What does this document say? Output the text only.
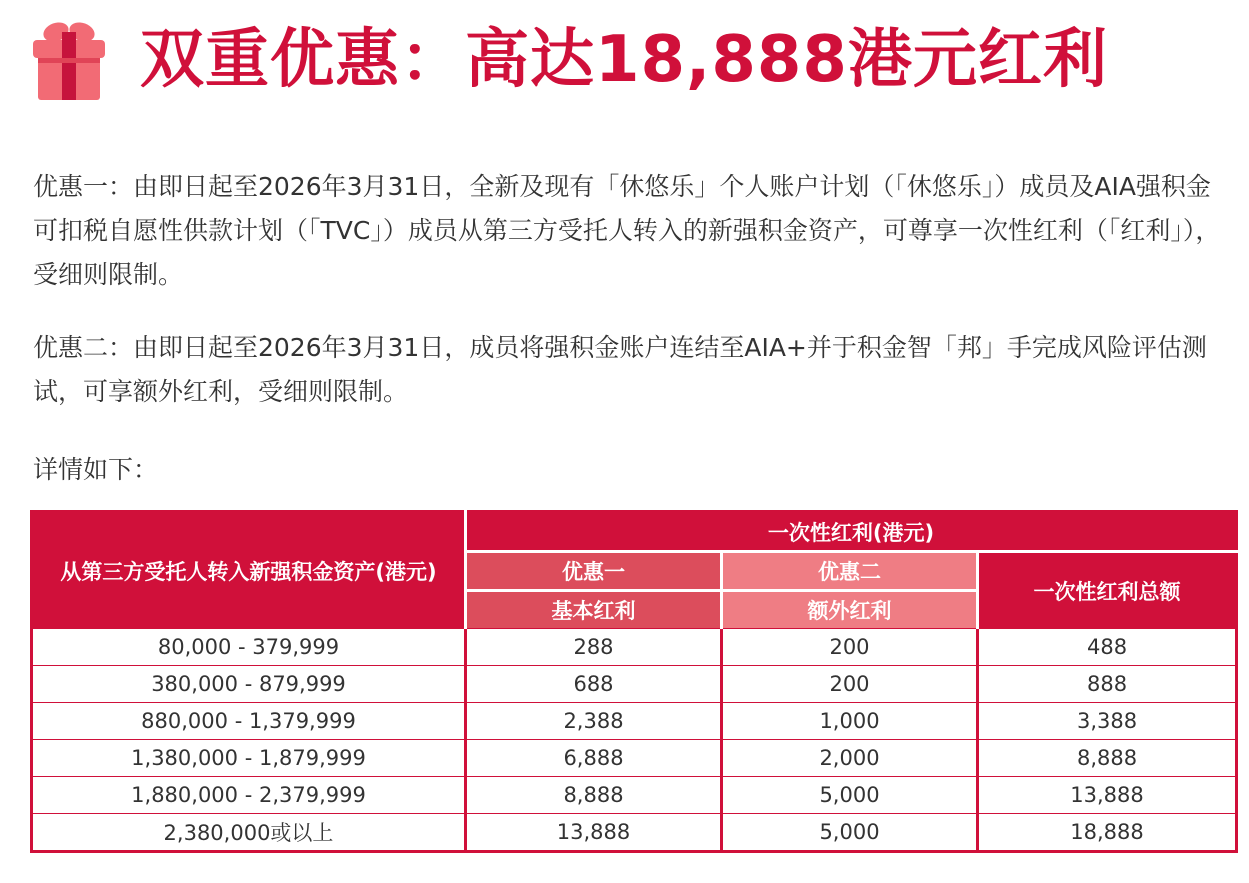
双重优惠：高达18,888港元红利

优惠一：由即日起至2026年3月31日，全新及现有「休悠乐」个人账户计划（「休悠乐」）成员及AIA强积金可扣税自愿性供款计划（「TVC」）成员从第三方受托人转入的新强积金资产，可尊享一次性红利（「红利」），受细则限制。

优惠二：由即日起至2026年3月31日，成员将强积金账户连结至AIA+并于积金智「邦」手完成风险评估测试，可享额外红利，受细则限制。

详情如下：

从第三方受托人转入新强积金资产(港元)	一次性红利(港元)		
	优惠一	优惠二	一次性红利总额
	基本红利	额外红利	
80,000 - 379,999	288	200	488
380,000 - 879,999	688	200	888
880,000 - 1,379,999	2,388	1,000	3,388
1,380,000 - 1,879,999	6,888	2,000	8,888
1,880,000 - 2,379,999	8,888	5,000	13,888
2,380,000或以上	13,888	5,000	18,888
